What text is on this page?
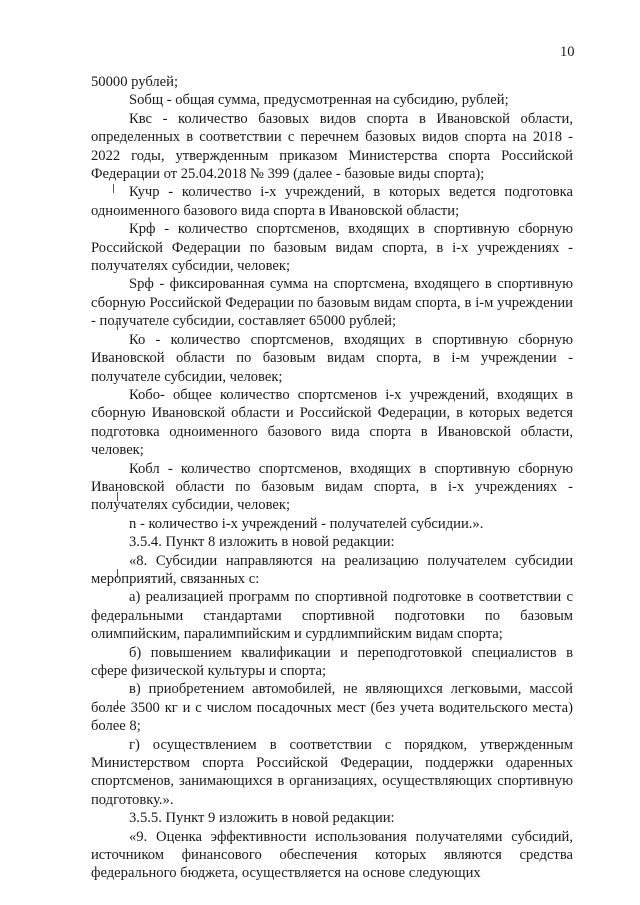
10

50000 рублей;

Sобщ - общая сумма, предусмотренная на субсидию, рублей;

Квс - количество базовых видов спорта в Ивановской области, определенных в соответствии с перечнем базовых видов спорта на 2018 - 2022 годы, утвержденным приказом Министерства спорта Российской Федерации от 25.04.2018 № 399 (далее - базовые виды спорта);

Кучр - количество i-х учреждений, в которых ведется подготовка одноименного базового вида спорта в Ивановской области;

Крф - количество спортсменов, входящих в спортивную сборную Российской Федерации по базовым видам спорта, в i-х учреждениях - получателях субсидии, человек;

Sрф - фиксированная сумма на спортсмена, входящего в спортивную сборную Российской Федерации по базовым видам спорта, в i-м учреждении - получателе субсидии, составляет 65000 рублей;

Ко - количество спортсменов, входящих в спортивную сборную Ивановской области по базовым видам спорта, в i-м учреждении - получателе субсидии, человек;

Кобо- общее количество спортсменов i-х учреждений, входящих в сборную Ивановской области и Российской Федерации, в которых ведется подготовка одноименного базового вида спорта в Ивановской области, человек;

Кобл - количество спортсменов, входящих в спортивную сборную Ивановской области по базовым видам спорта, в i-х учреждениях - получателях субсидии, человек;

n - количество i-х учреждений - получателей субсидии.».

3.5.4. Пункт 8 изложить в новой редакции:

«8. Субсидии направляются на реализацию получателем субсидии мероприятий, связанных с:

а) реализацией программ по спортивной подготовке в соответствии с федеральными стандартами спортивной подготовки по базовым олимпийским, паралимпийским и сурдлимпийским видам спорта;

б) повышением квалификации и переподготовкой специалистов в сфере физической культуры и спорта;

в) приобретением автомобилей, не являющихся легковыми, массой более 3500 кг и с числом посадочных мест (без учета водительского места) более 8;

г) осуществлением в соответствии с порядком, утвержденным Министерством спорта Российской Федерации, поддержки одаренных спортсменов, занимающихся в организациях, осуществляющих спортивную подготовку.».

3.5.5. Пункт 9 изложить в новой редакции:

«9. Оценка эффективности использования получателями субсидий, источником финансового обеспечения которых являются средства федерального бюджета, осуществляется на основе следующих
